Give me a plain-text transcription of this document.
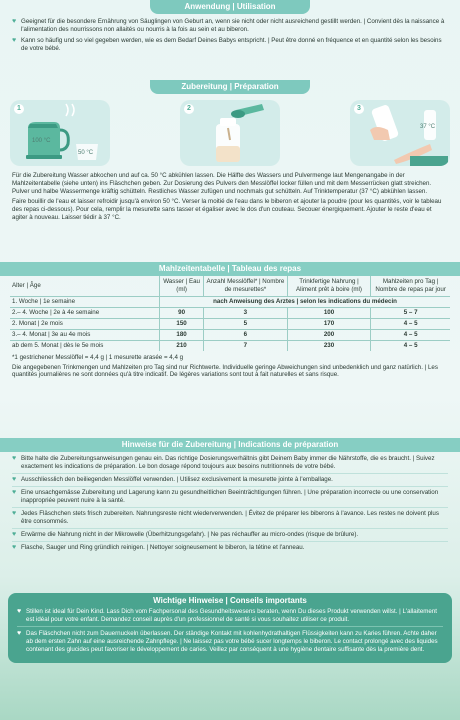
Anwendung | Utilisation
♥ Geeignet für die besondere Ernährung von Säuglingen von Geburt an, wenn sie nicht oder nicht ausreichend gestillt werden. | Convient dès la naissance à l'alimentation des nourrissons non allaités ou nourris à la fois au sein et au biberon.
♥ Kann so häufig und so viel gegeben werden, wie es dem Bedarf Deines Babys entspricht. | Peut être donné en fréquence et en quantité selon les besoins de votre bébé.
Zubereitung | Préparation
1
100 °C
50 °C
2	3
37 °C

Für die Zubereitung Wasser abkochen und auf ca. 50 °C abkühlen lassen. Die Hälfte des Wassers und Pulvermenge laut Mengenangabe in der Mahlzeitentabelle (siehe unten) ins Fläschchen geben. Zur Dosierung des Pulvers den Messlöffel locker füllen und mit dem Messerrücken glatt streichen. Pulver und halbe Wassermenge kräftig schütteln. Restliches Wasser zufügen und nochmals gut schütteln. Auf Trinktemperatur (37 °C) abkühlen lassen.

Faire bouillir de l'eau et laisser refroidir jusqu'à environ 50 °C. Verser la moitié de l'eau dans le biberon et ajouter la poudre (pour les quantités, voir le tableau des repas ci-dessous). Pour cela, remplir la mesurette sans tasser et égaliser avec le dos d'un couteau. Secouer énergiquement. Ajouter le reste d'eau et agiter à nouveau. Laisser tiédir à 37 °C.

Mahlzeitentabelle | Tableau des repas
Alter | Âge	Wasser | Eau (ml)	Anzahl Messlöffel* | Nombre de mesurettes*	Trinkfertige Nahrung | Aliment prêt à boire (ml)	Mahlzeiten pro Tag | Nombre de repas par jour
1. Woche | 1e semaine	nach Anweisung des Arztes | selon les indications du médecin			
2.– 4. Woche | 2e à 4e semaine	90	3	100	5 – 7
2. Monat | 2e mois	150	5	170	4 – 5
3.– 4. Monat | 3e au 4e mois	180	6	200	4 – 5
ab dem 5. Monat | dès le 5e mois	210	7	230	4 – 5

*1 gestrichener Messlöffel = 4,4 g | 1 mesurette arasée = 4,4 g

Die angegebenen Trinkmengen und Mahlzeiten pro Tag sind nur Richtwerte. Individuelle geringe Abweichungen sind unbedenklich und ganz natürlich. | Les quantités journalières ne sont données qu'à titre indicatif. De légères variations sont tout à fait naturelles et sans risque.

Hinweise für die Zubereitung | Indications de préparation
♥ Bitte halte die Zubereitungsanweisungen genau ein. Das richtige Dosierungsverhältnis gibt Deinem Baby immer die Nährstoffe, die es braucht. | Suivez exactement les indications de préparation. Le bon dosage répond toujours aux besoins nutritionnels de votre bébé.
♥ Ausschliesslich den beiliegenden Messlöffel verwenden. | Utilisez exclusivement la mesurette jointe à l'emballage.
♥ Eine unsachgemässe Zubereitung und Lagerung kann zu gesundheitlichen Beeinträchtigungen führen. | Une préparation incorrecte ou une conservation inappropriée peuvent nuire à la santé.
♥ Jedes Fläschchen stets frisch zubereiten. Nahrungsreste nicht wiederverwenden. | Évitez de préparer les biberons à l'avance. Les restes ne doivent plus être consommés.
♥ Erwärme die Nahrung nicht in der Mikrowelle (Überhitzungsgefahr). | Ne pas réchauffer au micro-ondes (risque de brûlure).
♥ Flasche, Sauger und Ring gründlich reinigen. | Nettoyer soigneusement le biberon, la tétine et l'anneau.
Wichtige Hinweise | Conseils importants
♥ Stillen ist ideal für Dein Kind. Lass Dich vom Fachpersonal des Gesundheitswesens beraten, wenn Du dieses Produkt verwenden willst. | L'allaitement est idéal pour votre enfant. Demandez conseil auprès d'un professionnel de santé si vous souhaitez utiliser ce produit.
♥ Das Fläschchen nicht zum Dauernuckeln überlassen. Der ständige Kontakt mit kohlenhydrathaltigen Flüssigkeiten kann zu Karies führen. Achte daher ab dem ersten Zahn auf eine ausreichende Zahnpflege. | Ne laissez pas votre bébé sucer longtemps le biberon. Le contact prolongé avec des liquides contenant des glucides peut favoriser le développement de caries. Veillez par conséquent à une hygiène dentaire suffisante dès la première dent.
